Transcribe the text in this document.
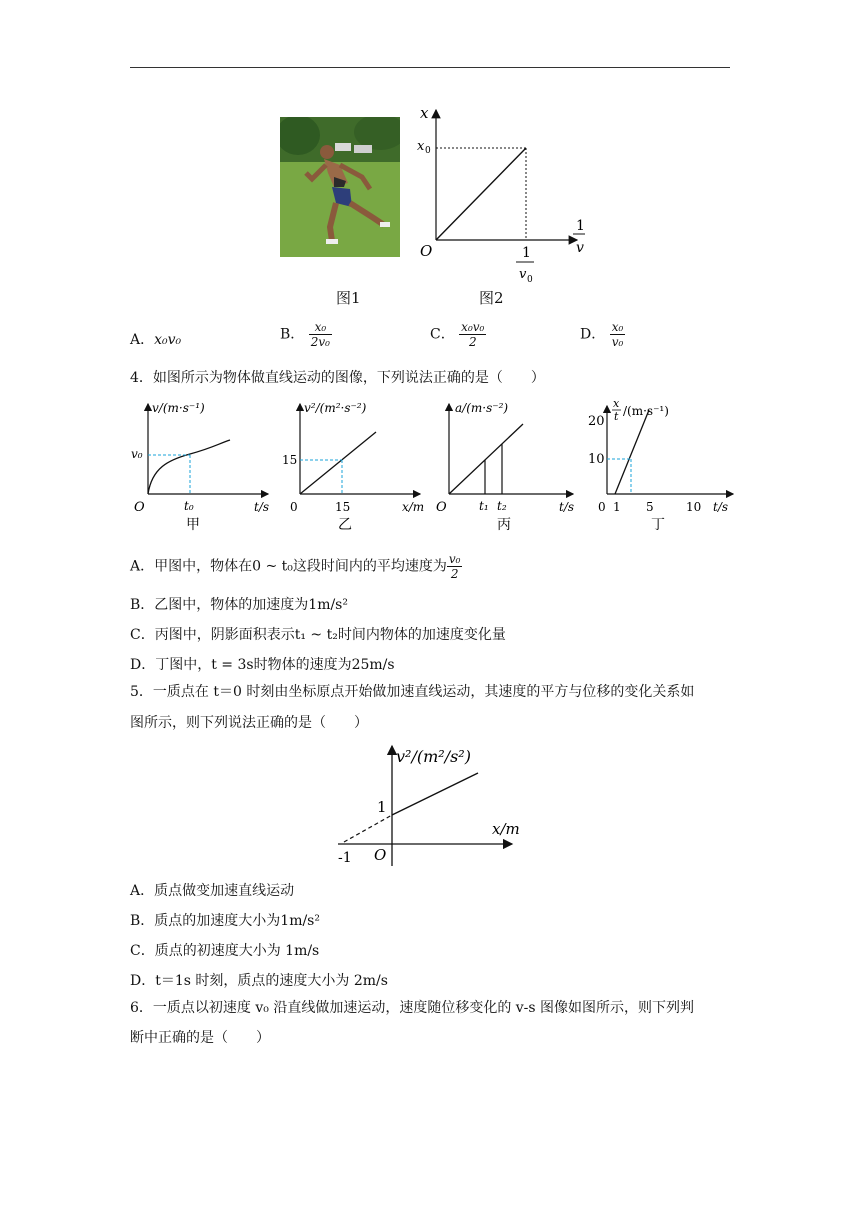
x
x 0
O
1
v
1
v 0
图1	图2
A．x₀v₀	B． $\frac{\text{x₀}}{\text{2v₀}}$	C． $\frac{\text{x₀v₀}}{2}$	D． $\frac{\text{x₀}}{\text{v₀}}$
4．如图所示为物体做直线运动的图像，下列说法正确的是（　　）
v/(m·s⁻¹)
v₀
O	t₀	t/s
甲
v²/(m²·s⁻²)
15
0	15	x/m
乙
a/(m·s⁻²)
O	t₁ t₂	t/s
丙
x
t /(m·s⁻¹)
20
10
0 1 5	10 t/s
丁
A．甲图中，物体在0 ~ t₀这段时间内的平均速度为 $\frac{\text{v₀}}{2}$
B．乙图中，物体的加速度为1m/s²
C．丙图中，阴影面积表示t₁ ~ t₂时间内物体的加速度变化量
D．丁图中，t = 3s时物体的速度为25m/s
5．一质点在 t＝0 时刻由坐标原点开始做加速直线运动，其速度的平方与位移的变化关系如
图所示，则下列说法正确的是（　　）
v²/(m²/s²)
x/m
1
O
-1
A．质点做变加速直线运动
B．质点的加速度大小为1m/s²
C．质点的初速度大小为 1m/s
D．t＝1s 时刻，质点的速度大小为 2m/s
6．一质点以初速度 v₀ 沿直线做加速运动，速度随位移变化的 v-s 图像如图所示，则下列判
断中正确的是（　　）
